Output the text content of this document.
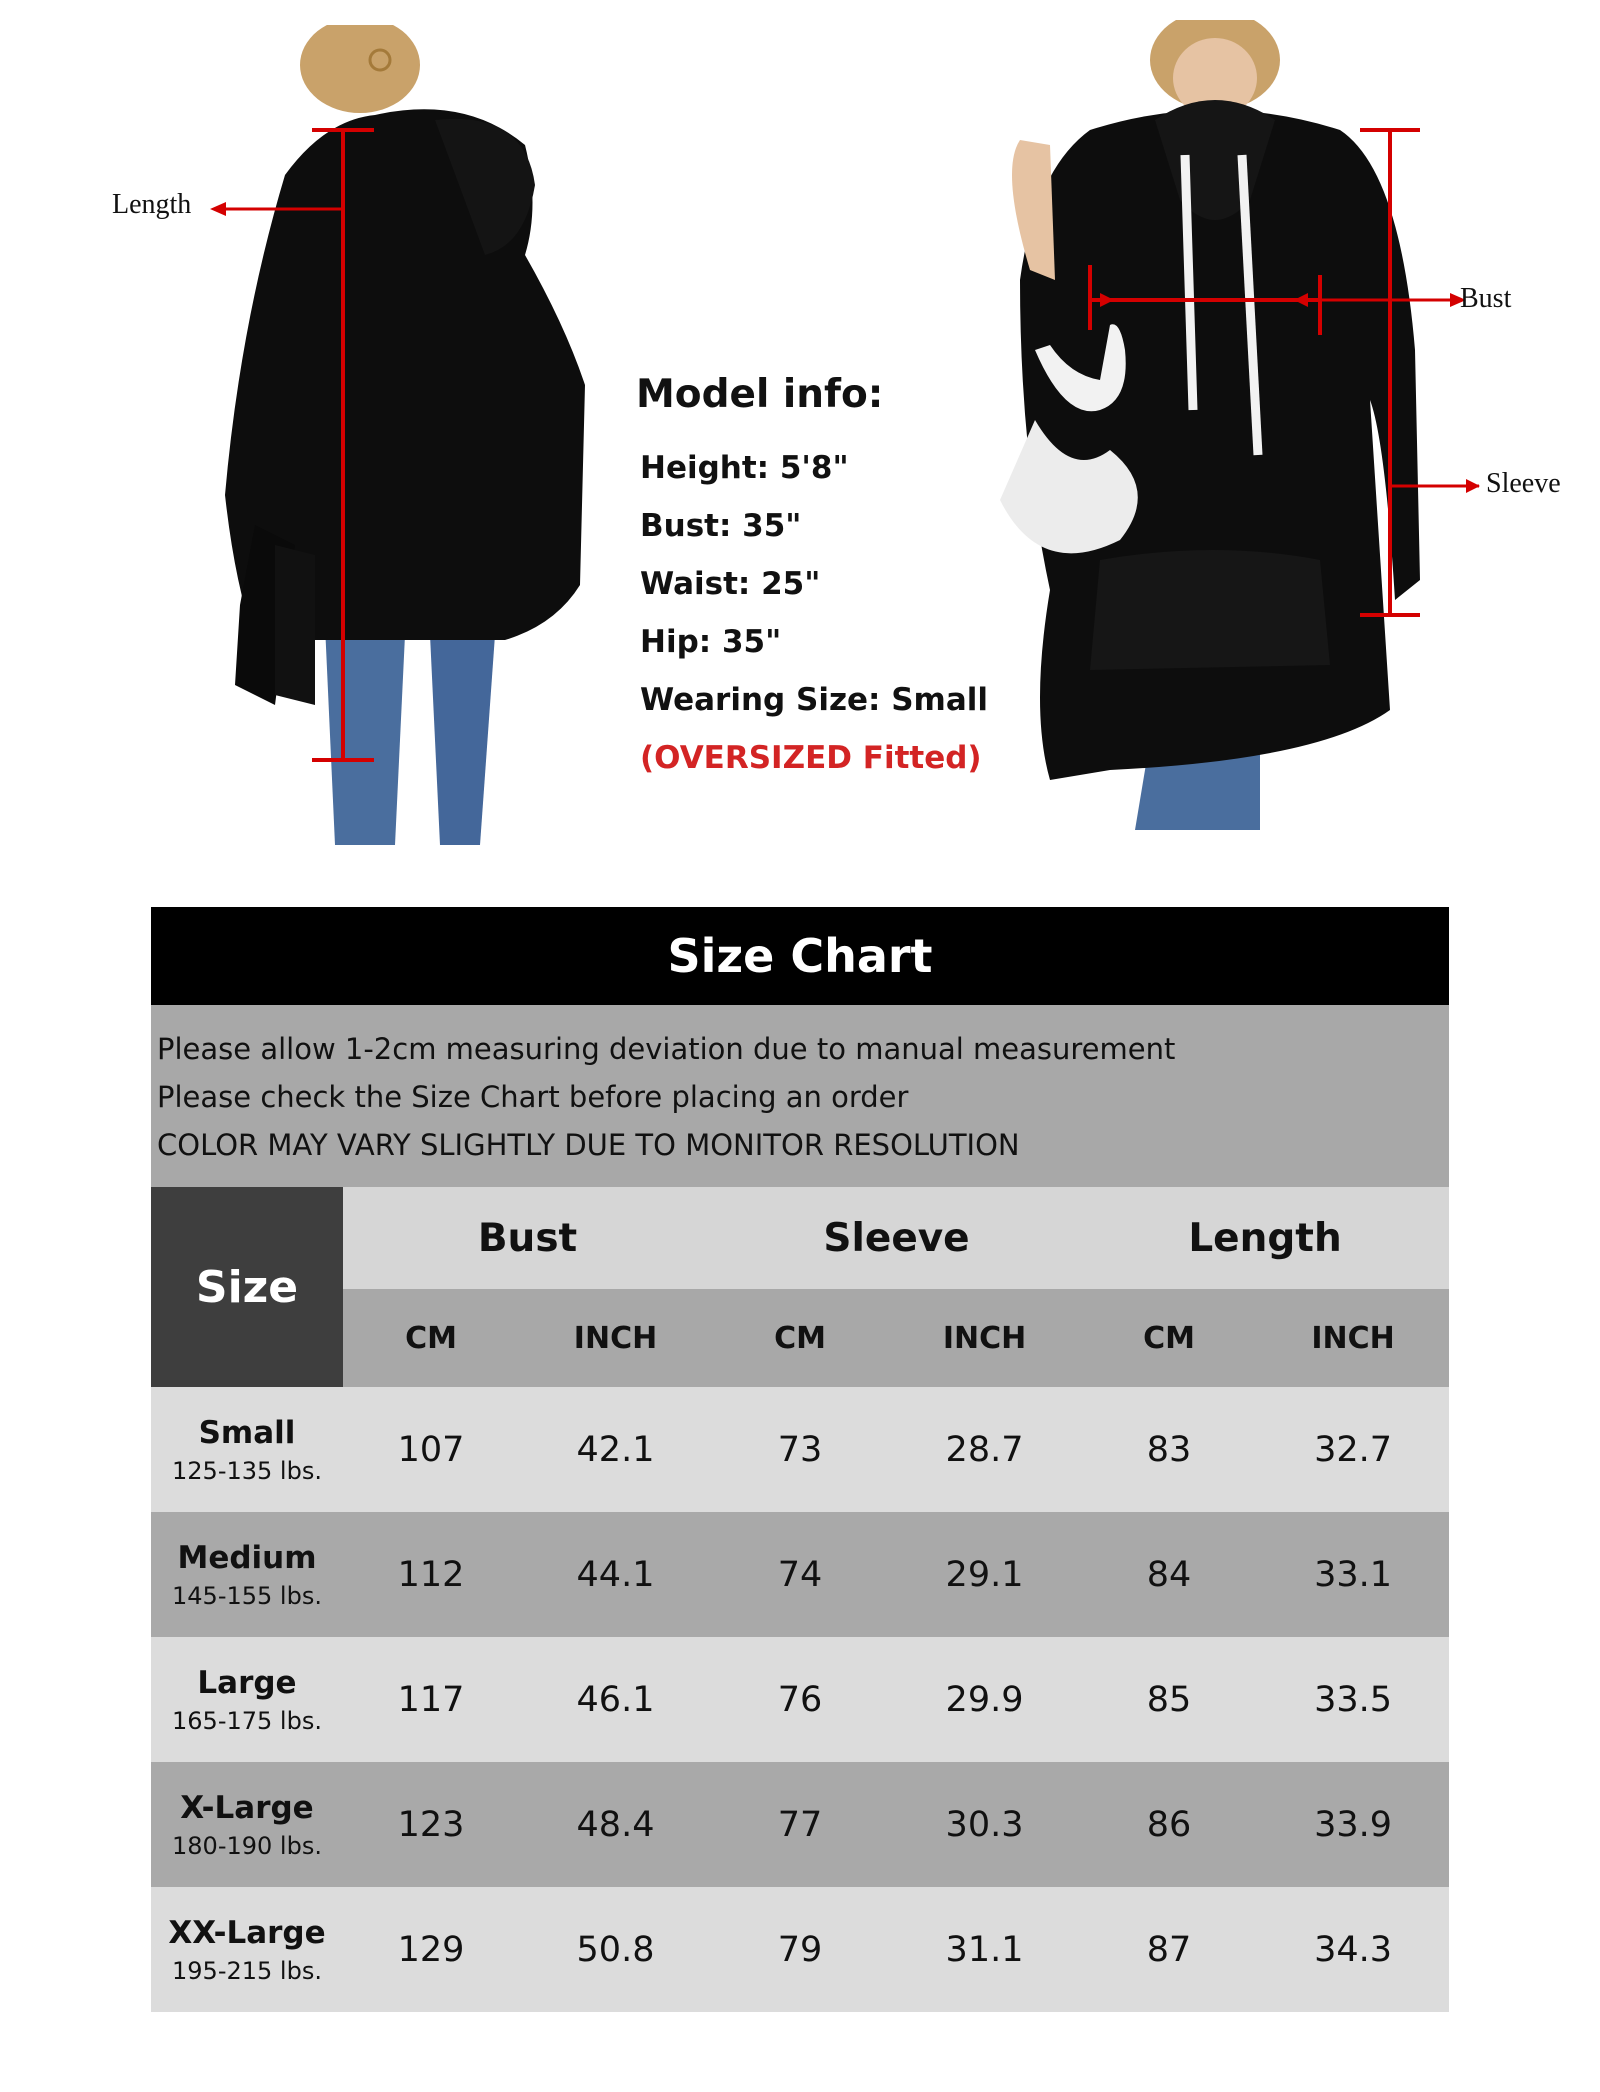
Length
Model info:
Height: 5'8"
Bust: 35"
Waist: 25"
Hip: 35"
Wearing Size: Small
(OVERSIZED Fitted)
Bust
Sleeve
Size Chart
Please allow 1-2cm measuring deviation due to manual measurement
Please check the Size Chart before placing an order
COLOR MAY VARY SLIGHTLY DUE TO MONITOR RESOLUTION
Size	Bust		Sleeve		Length	
	CM	INCH	CM	INCH	CM	INCH

Small
125-135 lbs.	107	42.1	73	28.7	83	32.7

Medium
145-155 lbs.	112	44.1	74	29.1	84	33.1

Large
165-175 lbs.	117	46.1	76	29.9	85	33.5

X-Large
180-190 lbs.	123	48.4	77	30.3	86	33.9

XX-Large
195-215 lbs.	129	50.8	79	31.1	87	34.3
